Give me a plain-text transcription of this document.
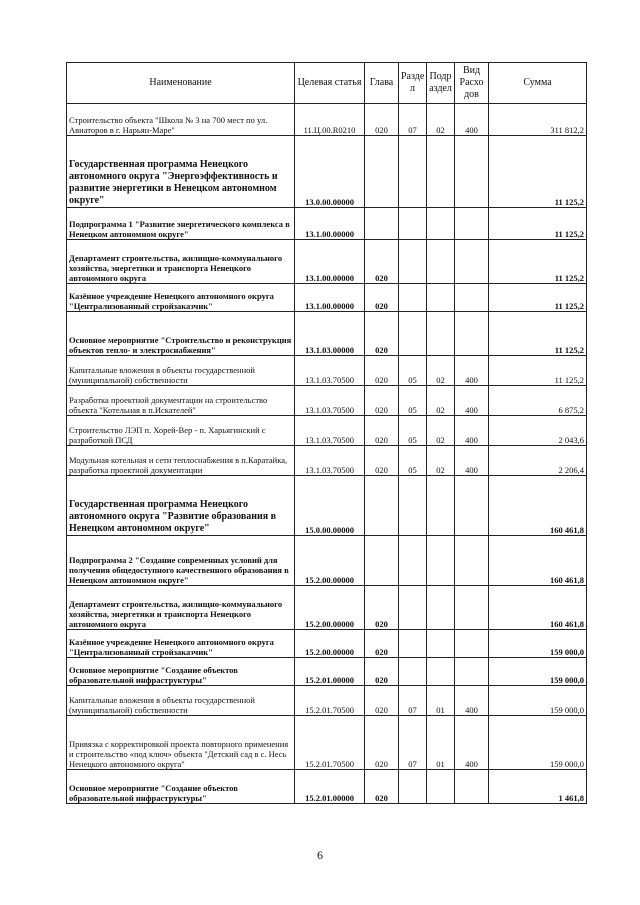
Наименование	Целевая статья	Глава	Разде л	Подр аздел	Вид Расхо дов	Сумма
Строительство объекта "Школа № 3 на 700 мест по ул. Авиаторов в г. Нарьян-Маре"	11.Ц.00.R0210	020	07	02	400	311 812,2
Государственная программа Ненецкого автономного округа "Энергоэффективность и развитие энергетики в Ненецком автономном округе"	13.0.00.00000					11 125,2
Подпрограмма 1 "Развитие энергетического комплекса в Ненецком автономном округе"	13.1.00.00000					11 125,2
Департамент строительства, жилищно-коммунального хозяйства, энергетики и транспорта Ненецкого автономного округа	13.1.00.00000	020				11 125,2
Казённое учреждение Ненецкого автономного округа "Централизованный стройзаказчик"	13.1.00.00000	020				11 125,2
Основное мероприятие "Строительство и реконструкция объектов тепло- и электроснабжения"	13.1.03.00000	020				11 125,2
Капитальные вложения в объекты государственной (муниципальной) собственности	13.1.03.70500	020	05	02	400	11 125,2
Разработка проектной документации на строительство объекта "Котельная в п.Искателей"	13.1.03.70500	020	05	02	400	6 875,2
Строительство ЛЭП п. Хорей-Вер - п. Харьягинский с разработкой ПСД	13.1.03.70500	020	05	02	400	2 043,6
Модульная котельная и сети теплоснабжения в п.Каратайка, разработка проектной документации	13.1.03.70500	020	05	02	400	2 206,4
Государственная программа Ненецкого автономного округа "Развитие образования в Ненецком автономном округе"	15.0.00.00000					160 461,8
Подпрограмма 2 "Создание современных условий для получения общедоступного качественного образования в Ненецком автономном округе"	15.2.00.00000					160 461,8
Департамент строительства, жилищно-коммунального хозяйства, энергетики и транспорта Ненецкого автономного округа	15.2.00.00000	020				160 461,8
Казённое учреждение Ненецкого автономного округа "Централизованный стройзаказчик"	15.2.00.00000	020				159 000,0
Основное мероприятие "Создание объектов образовательной инфраструктуры"	15.2.01.00000	020				159 000,0
Капитальные вложения в объекты государственной (муниципальной) собственности	15.2.01.70500	020	07	01	400	159 000,0
Привязка с корректировкой проекта повторного применения и строительство «под ключ» объекта "Детский сад в с. Несь Ненецкого автономного округа"	15.2.01.70500	020	07	01	400	159 000,0
Основное мероприятие "Создание объектов образовательной инфраструктуры"	15.2.01.00000	020				1 461,8
6
